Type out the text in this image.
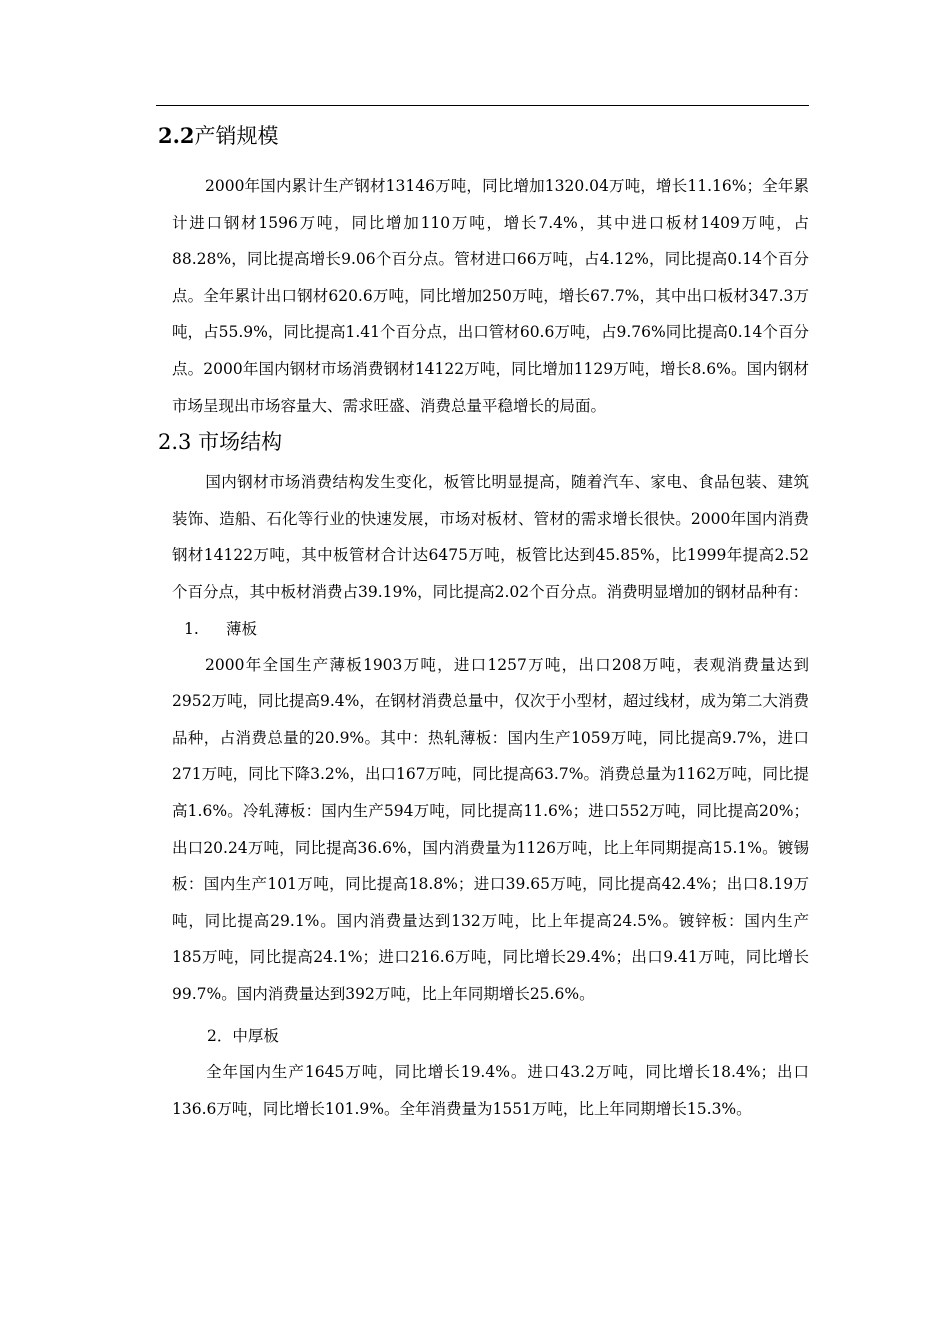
2.2产销规模

2000年国内累计生产钢材13146万吨，同比增加1320.04万吨，增长11.16%；全年累计进口钢材1596万吨，同比增加110万吨，增长7.4%，其中进口板材1409万吨，占88.28%，同比提高增长9.06个百分点。管材进口66万吨，占4.12%，同比提高0.14个百分点。全年累计出口钢材620.6万吨，同比增加250万吨，增长67.7%，其中出口板材347.3万吨，占55.9%，同比提高1.41个百分点，出口管材60.6万吨，占9.76%同比提高0.14个百分点。2000年国内钢材市场消费钢材14122万吨，同比增加1129万吨，增长8.6%。国内钢材市场呈现出市场容量大、需求旺盛、消费总量平稳增长的局面。

2.3 市场结构

国内钢材市场消费结构发生变化，板管比明显提高，随着汽车、家电、食品包装、建筑装饰、造船、石化等行业的快速发展，市场对板材、管材的需求增长很快。2000年国内消费钢材14122万吨，其中板管材合计达6475万吨，板管比达到45.85%，比1999年提高2.52个百分点，其中板材消费占39.19%，同比提高2.02个百分点。消费明显增加的钢材品种有：

1. 薄板

2000年全国生产薄板1903万吨，进口1257万吨，出口208万吨，表观消费量达到2952万吨，同比提高9.4%，在钢材消费总量中，仅次于小型材，超过线材，成为第二大消费品种，占消费总量的20.9%。其中：热轧薄板：国内生产1059万吨，同比提高9.7%，进口271万吨，同比下降3.2%，出口167万吨，同比提高63.7%。消费总量为1162万吨，同比提高1.6%。冷轧薄板：国内生产594万吨，同比提高11.6%；进口552万吨，同比提高20%；出口20.24万吨，同比提高36.6%，国内消费量为1126万吨，比上年同期提高15.1%。镀锡板：国内生产101万吨，同比提高18.8%；进口39.65万吨，同比提高42.4%；出口8.19万吨，同比提高29.1%。国内消费量达到132万吨，比上年提高24.5%。镀锌板：国内生产185万吨，同比提高24.1%；进口216.6万吨，同比增长29.4%；出口9.41万吨，同比增长99.7%。国内消费量达到392万吨，比上年同期增长25.6%。

2．中厚板

全年国内生产1645万吨，同比增长19.4%。进口43.2万吨，同比增长18.4%；出口136.6万吨，同比增长101.9%。全年消费量为1551万吨，比上年同期增长15.3%。
